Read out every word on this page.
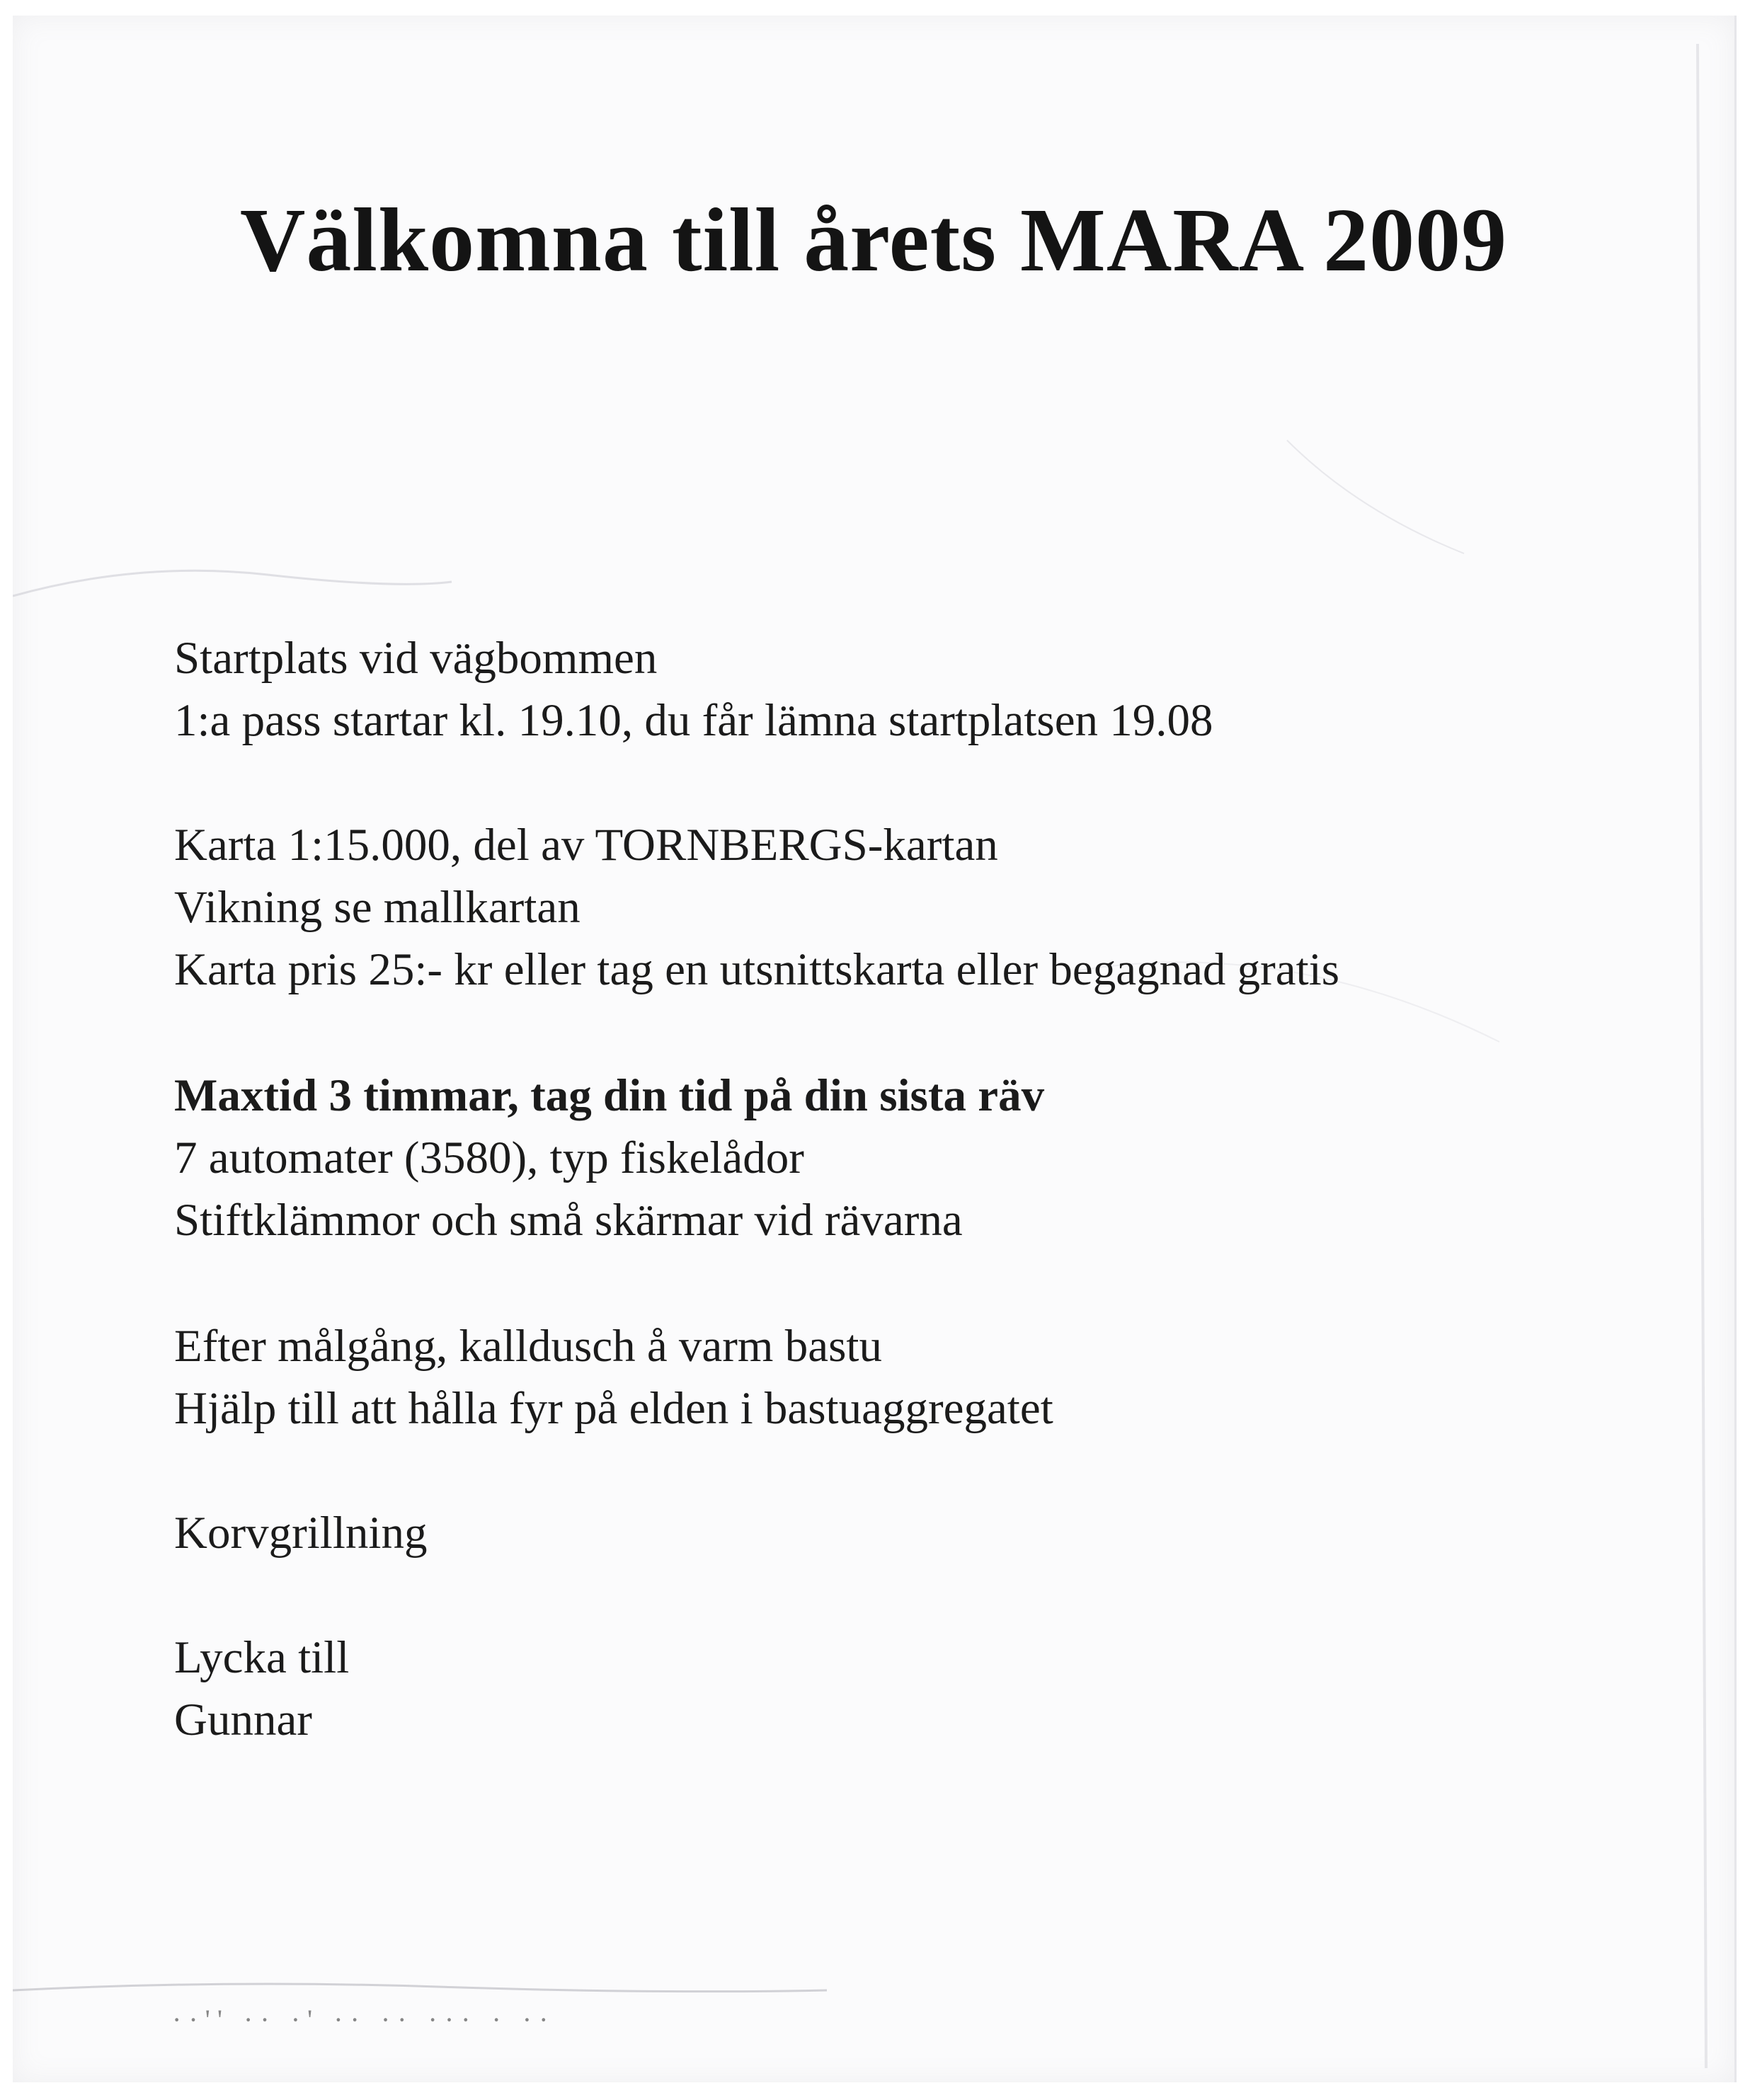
Välkomna till årets MARA 2009
Startplats vid vägbommen
1:a pass startar kl. 19.10, du får lämna startplatsen 19.08
Karta 1:15.000, del av TORNBERGS-kartan
Vikning se mallkartan
Karta pris 25:- kr eller tag en utsnittskarta eller begagnad gratis
Maxtid 3 timmar, tag din tid på din sista räv
7 automater (3580), typ fiskelådor
Stiftklämmor och små skärmar vid rävarna
Efter målgång, kalldusch å varm bastu
Hjälp till att hålla fyr på elden i bastuaggregatet
Korvgrillning
Lycka till
Gunnar
··'' ·· ·' ·· ·· ··· · ··
